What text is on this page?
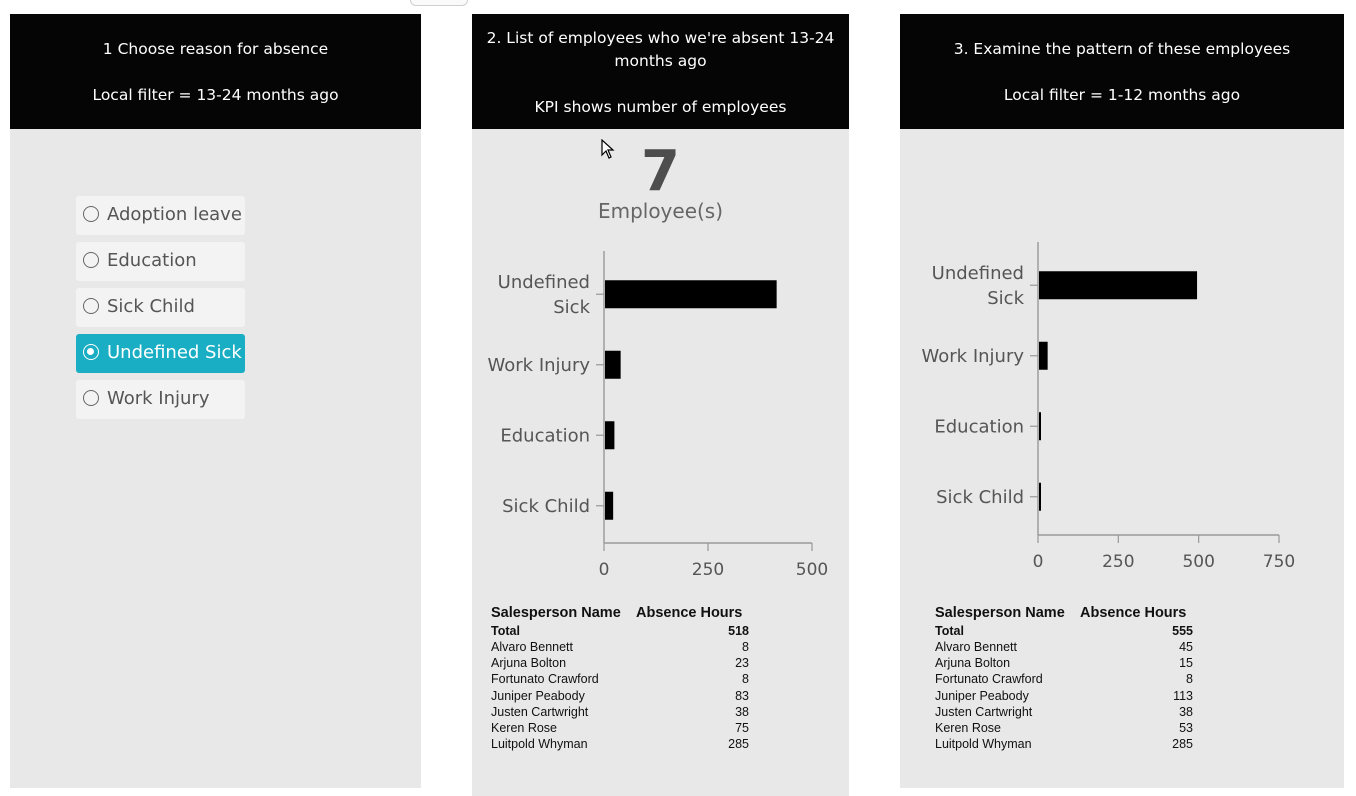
1 Choose reason for absence
Local filter = 13-24 months ago
Adoption leave
Education
Sick Child
Undefined Sick
Work Injury
2. List of employees who we're absent 13-24
months ago
KPI shows number of employees
7
Employee(s)
0	250	500
Undefined Sick
Work Injury
Education
Sick Child
Salesperson Name Absence Hours
Total	518
Alvaro Bennett	8
Arjuna Bolton	23
Fortunato Crawford	8
Juniper Peabody	83
Justen Cartwright	38
Keren Rose	75
Luitpold Whyman	285
3. Examine the pattern of these employees
Local filter = 1-12 months ago
0	250	500	750
Undefined Sick
Work Injury
Education
Sick Child
Salesperson Name Absence Hours
Total	555
Alvaro Bennett	45
Arjuna Bolton	15
Fortunato Crawford	8
Juniper Peabody	113
Justen Cartwright	38
Keren Rose	53
Luitpold Whyman	285
